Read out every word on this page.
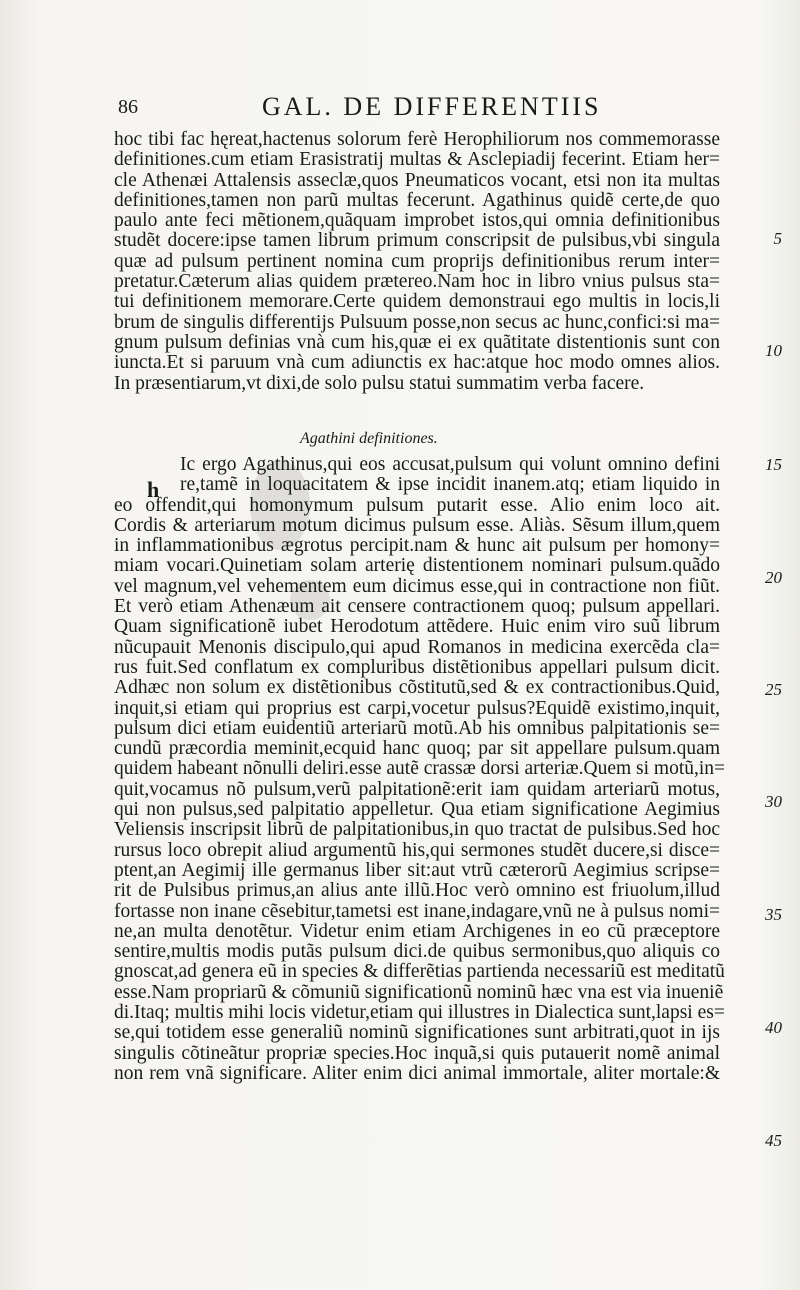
86	GAL. DE DIFFERENTIIS
hoc tibi fac hęreat,hactenus solorum ferè Herophiliorum nos commemorasse
definitiones.cum etiam Erasistratij multas & Asclepiadij fecerint. Etiam her=
cle Athenæi Attalensis asseclæ,quos Pneumaticos vocant, etsi non ita multas
definitiones,tamen non parũ multas fecerunt. Agathinus quidẽ certe,de quo
paulo ante feci mẽtionem,quãquam improbet istos,qui omnia definitionibus
studẽt docere:ipse tamen librum primum conscripsit de pulsibus,vbi singula
quæ ad pulsum pertinent nomina cum proprijs definitionibus rerum inter=
pretatur.Cæterum alias quidem prætereo.Nam hoc in libro vnius pulsus sta=
tui definitionem memorare.Certe quidem demonstraui ego multis in locis,li
brum de singulis differentijs Pulsuum posse,non secus ac hunc,confici:si ma=
gnum pulsum definias vnà cum his,quæ ei ex quãtitate distentionis sunt con
iuncta.Et si paruum vnà cum adiunctis ex hac:atque hoc modo omnes alios.
In præsentiarum,vt dixi,de solo pulsu statui summatim verba facere.
Agathini definitiones.
h
Ic ergo Agathinus,qui eos accusat,pulsum qui volunt omnino defini
re,tamẽ in loquacitatem & ipse incidit inanem.atq; etiam liquido in
eo offendit,qui homonymum pulsum putarit esse. Alio enim loco ait.
Cordis & arteriarum motum dicimus pulsum esse. Aliàs. Sẽsum illum,quem
in inflammationibus ægrotus percipit.nam & hunc ait pulsum per homony=
miam vocari.Quinetiam solam arterię distentionem nominari pulsum.quãdo
vel magnum,vel vehementem eum dicimus esse,qui in contractione non fiũt.
Et verò etiam Athenæum ait censere contractionem quoq; pulsum appellari.
Quam significationẽ iubet Herodotum attẽdere. Huic enim viro suũ librum
nũcupauit Menonis discipulo,qui apud Romanos in medicina exercẽda cla=
rus fuit.Sed conflatum ex compluribus distẽtionibus appellari pulsum dicit.
Adhæc non solum ex distẽtionibus cõstitutũ,sed & ex contractionibus.Quid,
inquit,si etiam qui proprius est carpi,vocetur pulsus?Equidẽ existimo,inquit,
pulsum dici etiam euidentiũ arteriarũ motũ.Ab his omnibus palpitationis se=
cundũ præcordia meminit,ecquid hanc quoq; par sit appellare pulsum.quam
quidem habeant nõnulli deliri.esse autẽ crassæ dorsi arteriæ.Quem si motũ,in=
quit,vocamus nõ pulsum,verũ palpitationẽ:erit iam quidam arteriarũ motus,
qui non pulsus,sed palpitatio appelletur. Qua etiam significatione Aegimius
Veliensis inscripsit librũ de palpitationibus,in quo tractat de pulsibus.Sed hoc
rursus loco obrepit aliud argumentũ his,qui sermones studẽt ducere,si disce=
ptent,an Aegimij ille germanus liber sit:aut vtrũ cæterorũ Aegimius scripse=
rit de Pulsibus primus,an alius ante illũ.Hoc verò omnino est friuolum,illud
fortasse non inane cẽsebitur,tametsi est inane,indagare,vnũ ne à pulsus nomi=
ne,an multa denotẽtur. Videtur enim etiam Archigenes in eo cũ præceptore
sentire,multis modis putãs pulsum dici.de quibus sermonibus,quo aliquis co
gnoscat,ad genera eũ in species & differẽtias partienda necessariũ est meditatũ
esse.Nam propriarũ & cõmuniũ significationũ nominũ hæc vna est via inueniẽ
di.Itaq; multis mihi locis videtur,etiam qui illustres in Dialectica sunt,lapsi es=
se,qui totidem esse generaliũ nominũ significationes sunt arbitrati,quot in ijs
singulis cõtineãtur propriæ species.Hoc inquã,si quis putauerit nomẽ animal
non rem vnã significare. Aliter enim dici animal immortale, aliter mortale:&
5
10
15
20
25
30
35
40
45
